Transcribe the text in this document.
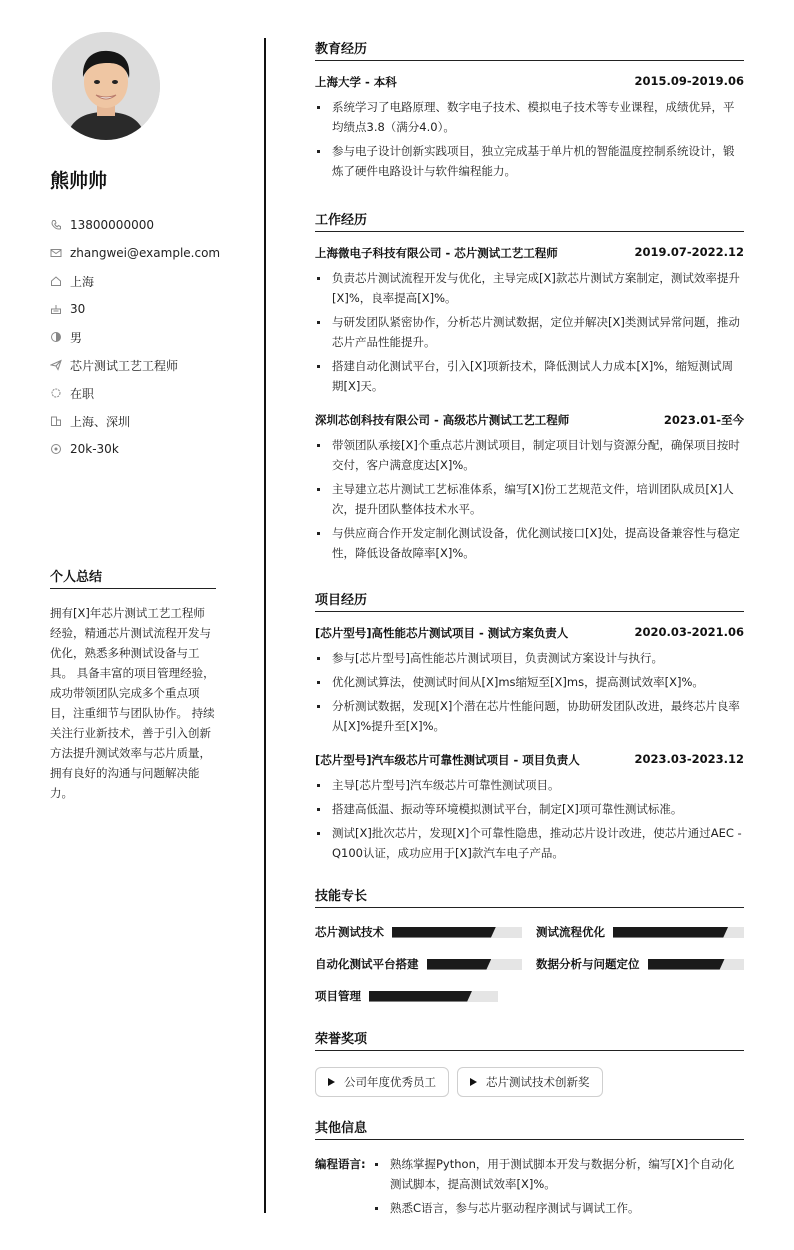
熊帅帅
13800000000
zhangwei@example.com
上海
30
男
芯片测试工艺工程师
在职
上海、深圳
20k-30k
个人总结
拥有[X]年芯片测试工艺工程师经验，精通芯片测试流程开发与优化，熟悉多种测试设备与工具。 具备丰富的项目管理经验，成功带领团队完成多个重点项目，注重细节与团队协作。 持续关注行业新技术，善于引入创新方法提升测试效率与芯片质量，拥有良好的沟通与问题解决能力。
教育经历
上海大学 - 本科	2015.09-2019.06
系统学习了电路原理、数字电子技术、模拟电子技术等专业课程，成绩优异，平均绩点3.8（满分4.0）。
参与电子设计创新实践项目，独立完成基于单片机的智能温度控制系统设计，锻炼了硬件电路设计与软件编程能力。
工作经历
上海微电子科技有限公司 - 芯片测试工艺工程师	2019.07-2022.12
负责芯片测试流程开发与优化，主导完成[X]款芯片测试方案制定，测试效率提升[X]%，良率提高[X]%。
与研发团队紧密协作，分析芯片测试数据，定位并解决[X]类测试异常问题，推动芯片产品性能提升。
搭建自动化测试平台，引入[X]项新技术，降低测试人力成本[X]%，缩短测试周期[X]天。
深圳芯创科技有限公司 - 高级芯片测试工艺工程师	2023.01-至今
带领团队承接[X]个重点芯片测试项目，制定项目计划与资源分配，确保项目按时交付，客户满意度达[X]%。
主导建立芯片测试工艺标准体系，编写[X]份工艺规范文件，培训团队成员[X]人次，提升团队整体技术水平。
与供应商合作开发定制化测试设备，优化测试接口[X]处，提高设备兼容性与稳定性，降低设备故障率[X]%。
项目经历
[芯片型号]高性能芯片测试项目 - 测试方案负责人	2020.03-2021.06
参与[芯片型号]高性能芯片测试项目，负责测试方案设计与执行。
优化测试算法，使测试时间从[X]ms缩短至[X]ms，提高测试效率[X]%。
分析测试数据，发现[X]个潜在芯片性能问题，协助研发团队改进，最终芯片良率从[X]%提升至[X]%。
[芯片型号]汽车级芯片可靠性测试项目 - 项目负责人	2023.03-2023.12
主导[芯片型号]汽车级芯片可靠性测试项目。
搭建高低温、振动等环境模拟测试平台，制定[X]项可靠性测试标准。
测试[X]批次芯片，发现[X]个可靠性隐患，推动芯片设计改进，使芯片通过AEC - Q100认证，成功应用于[X]款汽车电子产品。
技能专长
芯片测试技术	测试流程优化
自动化测试平台搭建	数据分析与问题定位
项目管理
荣誉奖项
公司年度优秀员工	芯片测试技术创新奖
其他信息
编程语言:	熟练掌握Python，用于测试脚本开发与数据分析，编写[X]个自动化测试脚本，提高测试效率[X]%。
熟悉C语言，参与芯片驱动程序测试与调试工作。
